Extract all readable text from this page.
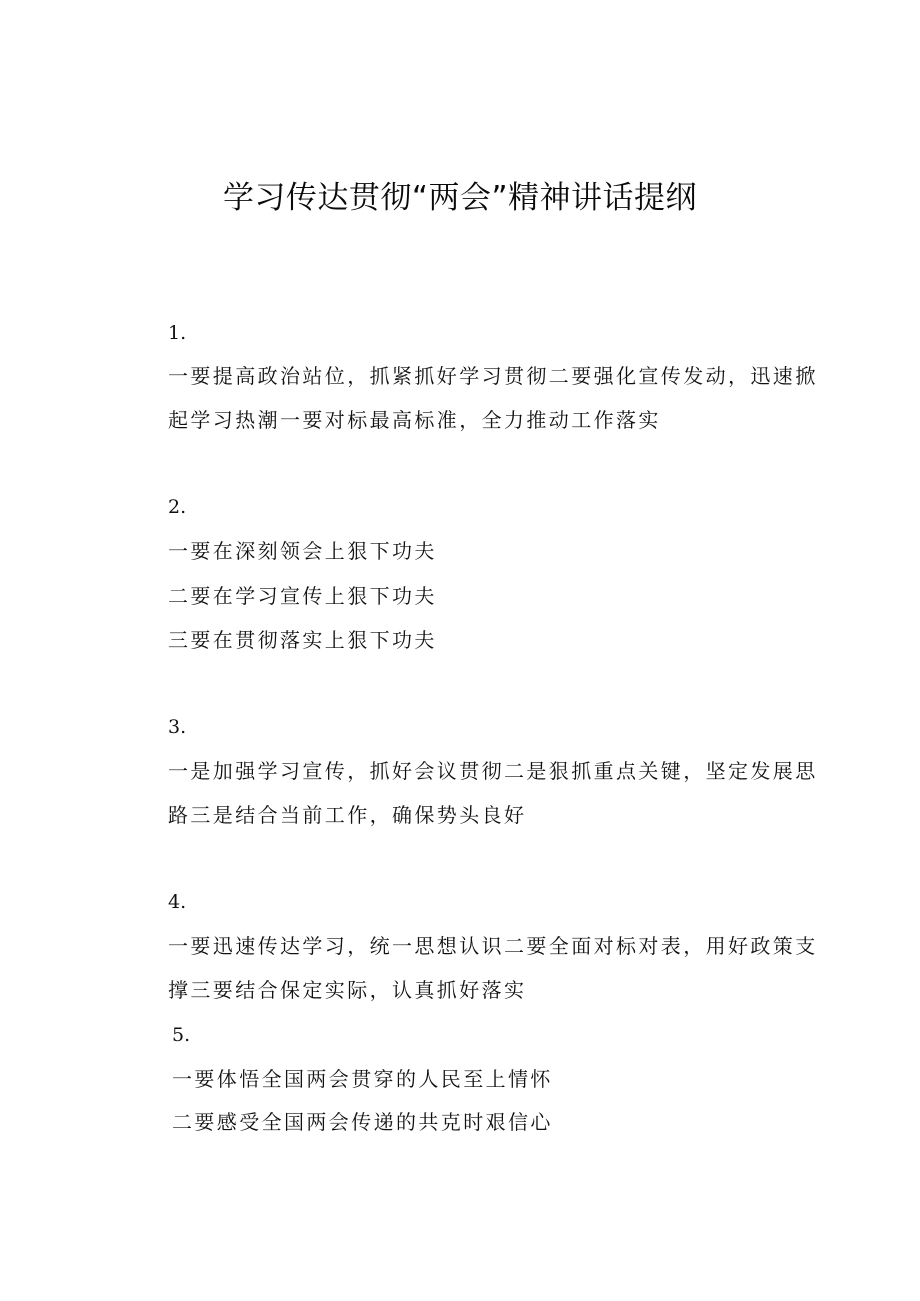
学习传达贯彻“两会”精神讲话提纲
1.
一要提高政治站位，抓紧抓好学习贯彻二要强化宣传发动，迅速掀
起学习热潮一要对标最高标准，全力推动工作落实
2.
一要在深刻领会上狠下功夫
二要在学习宣传上狠下功夫
三要在贯彻落实上狠下功夫
3.
一是加强学习宣传，抓好会议贯彻二是狠抓重点关键，坚定发展思
路三是结合当前工作，确保势头良好
4.
一要迅速传达学习，统一思想认识二要全面对标对表，用好政策支
撑三要结合保定实际，认真抓好落实
5.
一要体悟全国两会贯穿的人民至上情怀
二要感受全国两会传递的共克时艰信心
